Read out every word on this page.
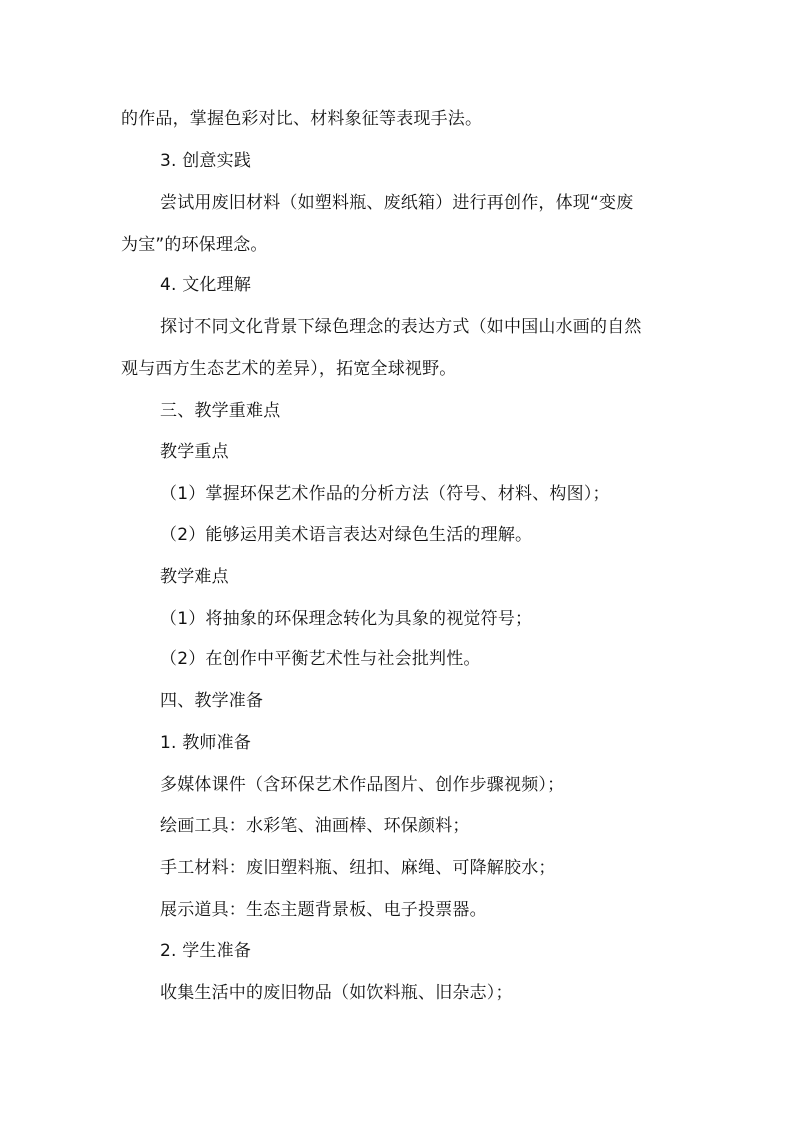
的作品，掌握色彩对比、材料象征等表现手法。
3. 创意实践
尝试用废旧材料（如塑料瓶、废纸箱）进行再创作，体现“变废
为宝”的环保理念。
4. 文化理解
探讨不同文化背景下绿色理念的表达方式（如中国山水画的自然
观与西方生态艺术的差异），拓宽全球视野。
三、教学重难点
教学重点
（1）掌握环保艺术作品的分析方法（符号、材料、构图）；
（2）能够运用美术语言表达对绿色生活的理解。
教学难点
（1）将抽象的环保理念转化为具象的视觉符号；
（2）在创作中平衡艺术性与社会批判性。
四、教学准备
1. 教师准备
多媒体课件（含环保艺术作品图片、创作步骤视频）；
绘画工具：水彩笔、油画棒、环保颜料；
手工材料：废旧塑料瓶、纽扣、麻绳、可降解胶水；
展示道具：生态主题背景板、电子投票器。
2. 学生准备
收集生活中的废旧物品（如饮料瓶、旧杂志）；
